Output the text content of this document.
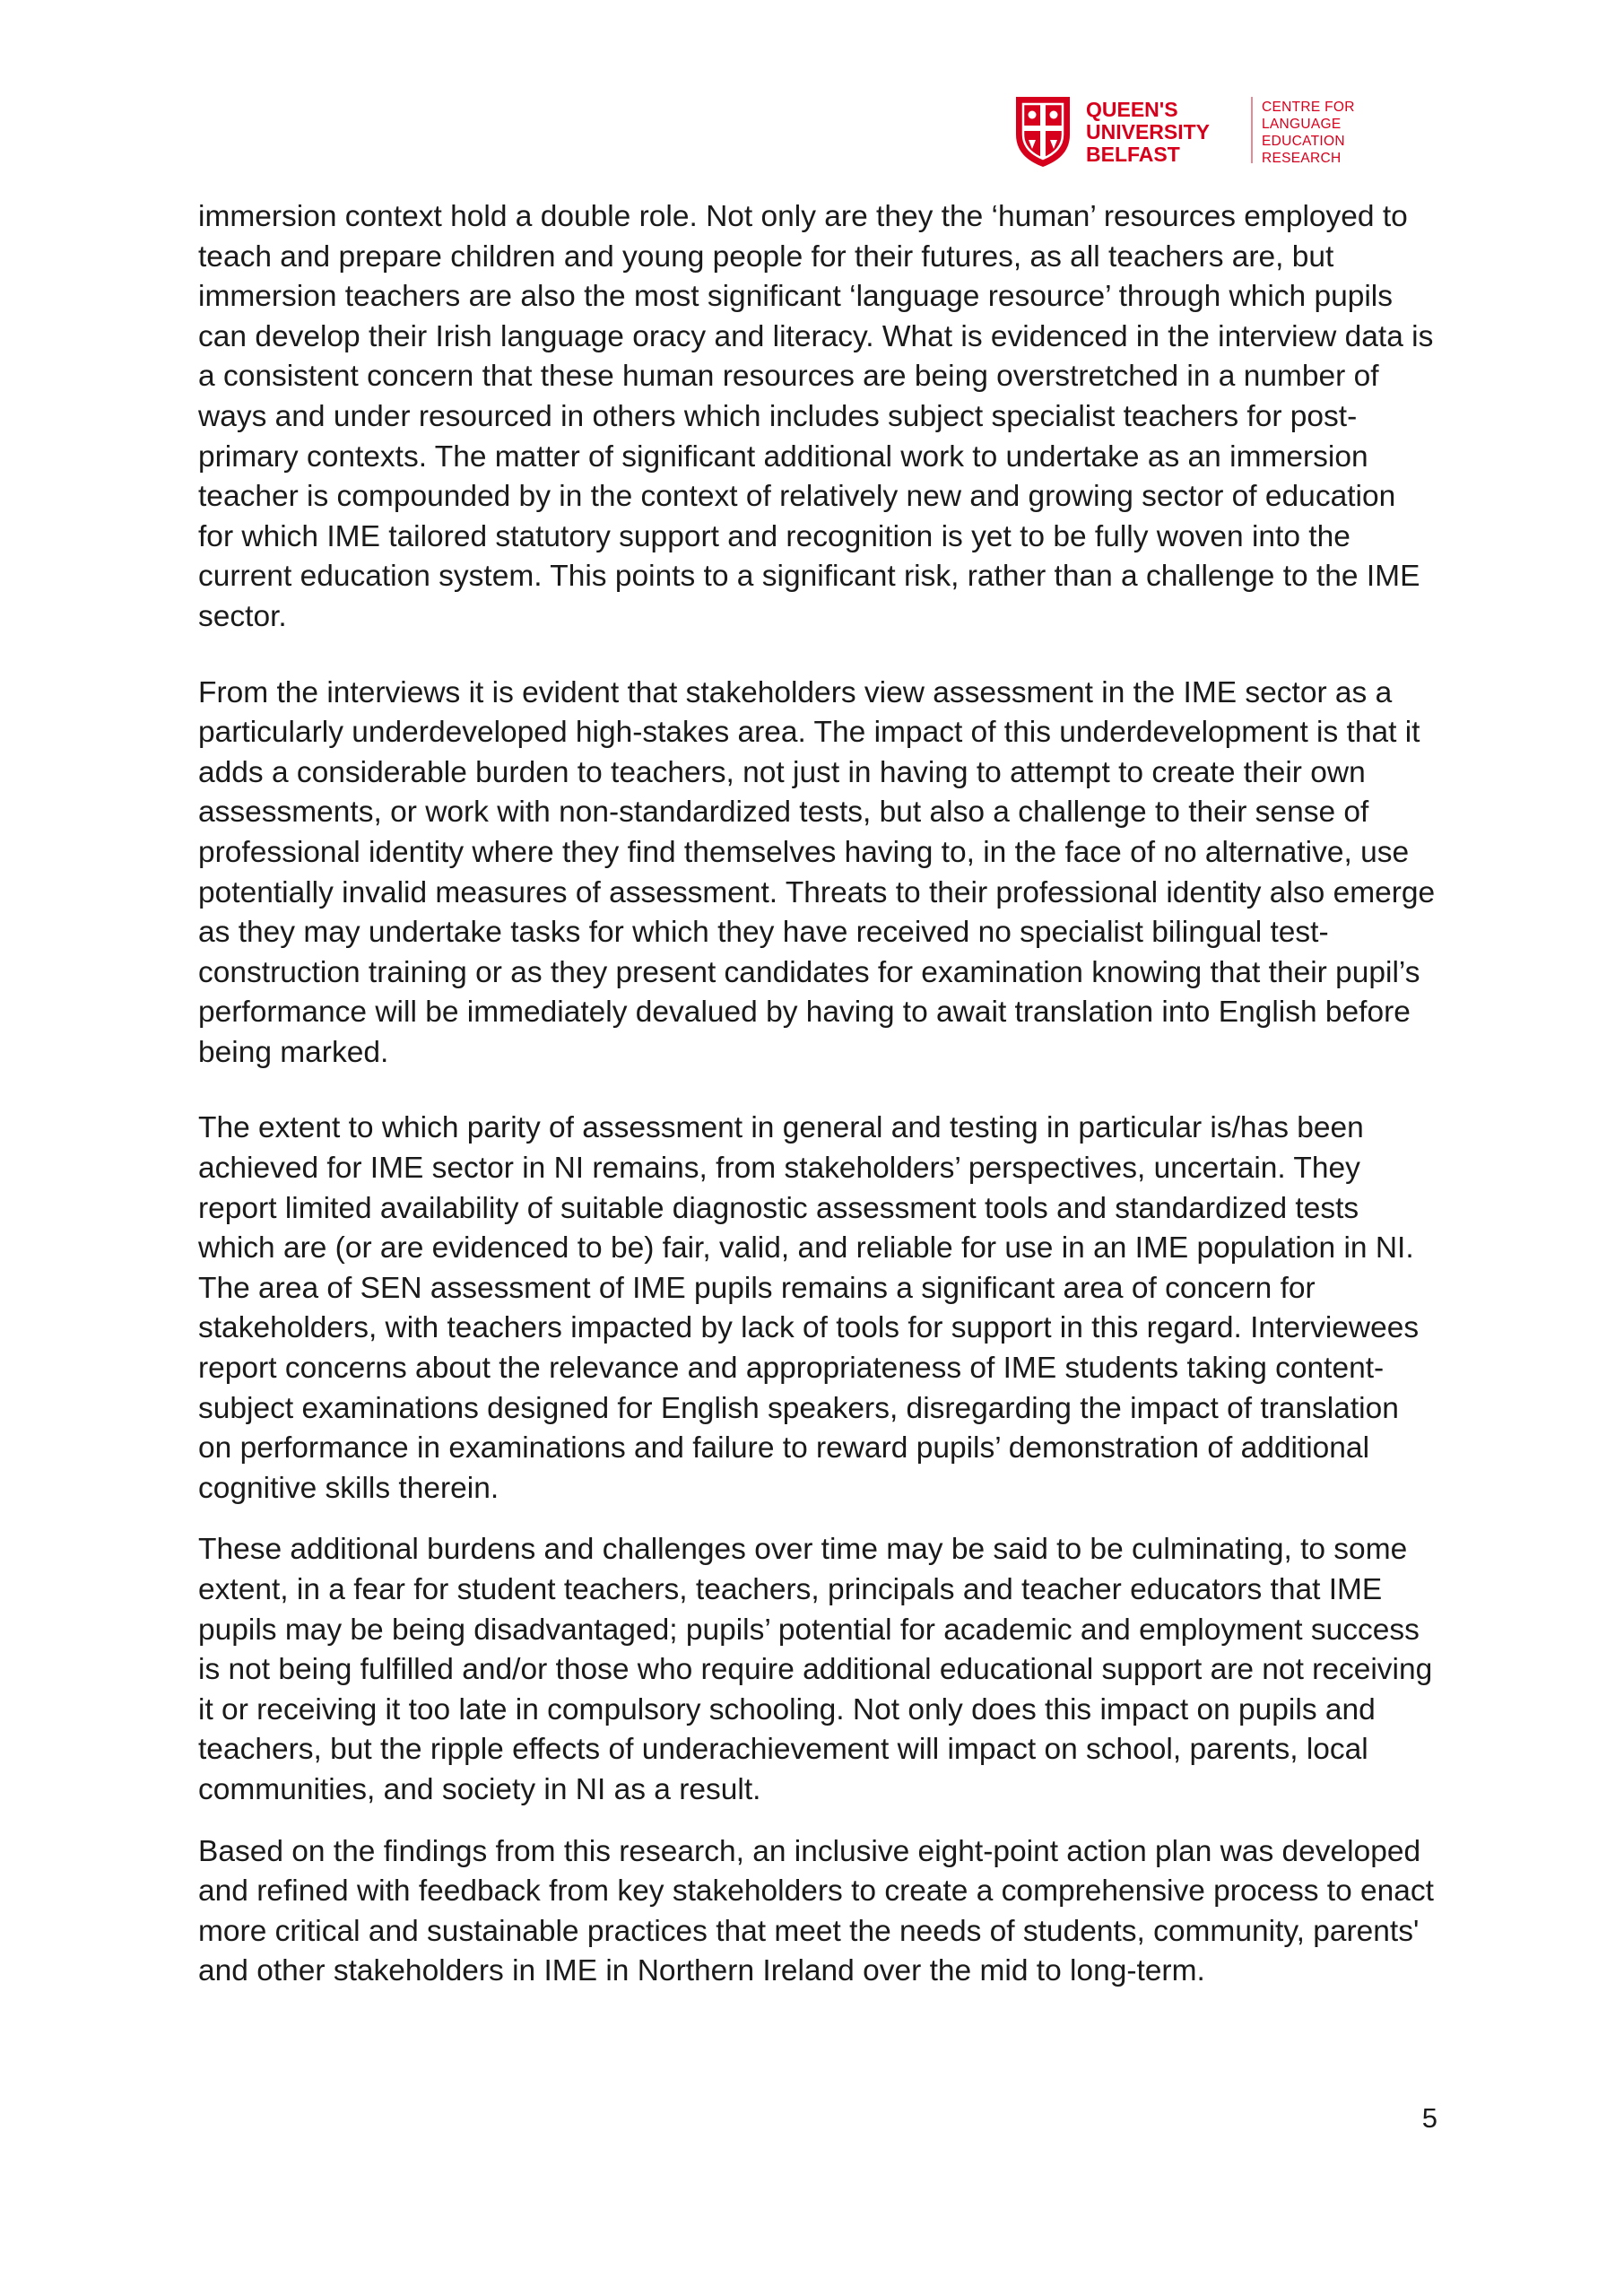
QUEEN'S
UNIVERSITY
BELFAST
CENTRE FOR
LANGUAGE
EDUCATION
RESEARCH

immersion context hold a double role. Not only are they the ‘human’ resources employed to teach and prepare children and young people for their futures, as all teachers are, but immersion teachers are also the most significant ‘language resource’ through which pupils can develop their Irish language oracy and literacy. What is evidenced in the interview data is a consistent concern that these human resources are being overstretched in a number of ways and under resourced in others which includes subject specialist teachers for post-primary contexts. The matter of significant additional work to undertake as an immersion teacher is compounded by in the context of relatively new and growing sector of education for which IME tailored statutory support and recognition is yet to be fully woven into the current education system. This points to a significant risk, rather than a challenge to the IME sector.

From the interviews it is evident that stakeholders view assessment in the IME sector as a particularly underdeveloped high-stakes area. The impact of this underdevelopment is that it adds a considerable burden to teachers, not just in having to attempt to create their own assessments, or work with non-standardized tests, but also a challenge to their sense of professional identity where they find themselves having to, in the face of no alternative, use potentially invalid measures of assessment. Threats to their professional identity also emerge as they may undertake tasks for which they have received no specialist bilingual test-construction training or as they present candidates for examination knowing that their pupil’s performance will be immediately devalued by having to await translation into English before being marked.

The extent to which parity of assessment in general and testing in particular is/has been achieved for IME sector in NI remains, from stakeholders’ perspectives, uncertain. They report limited availability of suitable diagnostic assessment tools and standardized tests which are (or are evidenced to be) fair, valid, and reliable for use in an IME population in NI. The area of SEN assessment of IME pupils remains a significant area of concern for stakeholders, with teachers impacted by lack of tools for support in this regard. Interviewees report concerns about the relevance and appropriateness of IME students taking content-subject examinations designed for English speakers, disregarding the impact of translation on performance in examinations and failure to reward pupils’ demonstration of additional cognitive skills therein.

These additional burdens and challenges over time may be said to be culminating, to some extent, in a fear for student teachers, teachers, principals and teacher educators that IME pupils may be being disadvantaged; pupils’ potential for academic and employment success is not being fulfilled and/or those who require additional educational support are not receiving it or receiving it too late in compulsory schooling. Not only does this impact on pupils and teachers, but the ripple effects of underachievement will impact on school, parents, local communities, and society in NI as a result.

Based on the findings from this research, an inclusive eight-point action plan was developed and refined with feedback from key stakeholders to create a comprehensive process to enact more critical and sustainable practices that meet the needs of students, community, parents' and other stakeholders in IME in Northern Ireland over the mid to long-term.

5
